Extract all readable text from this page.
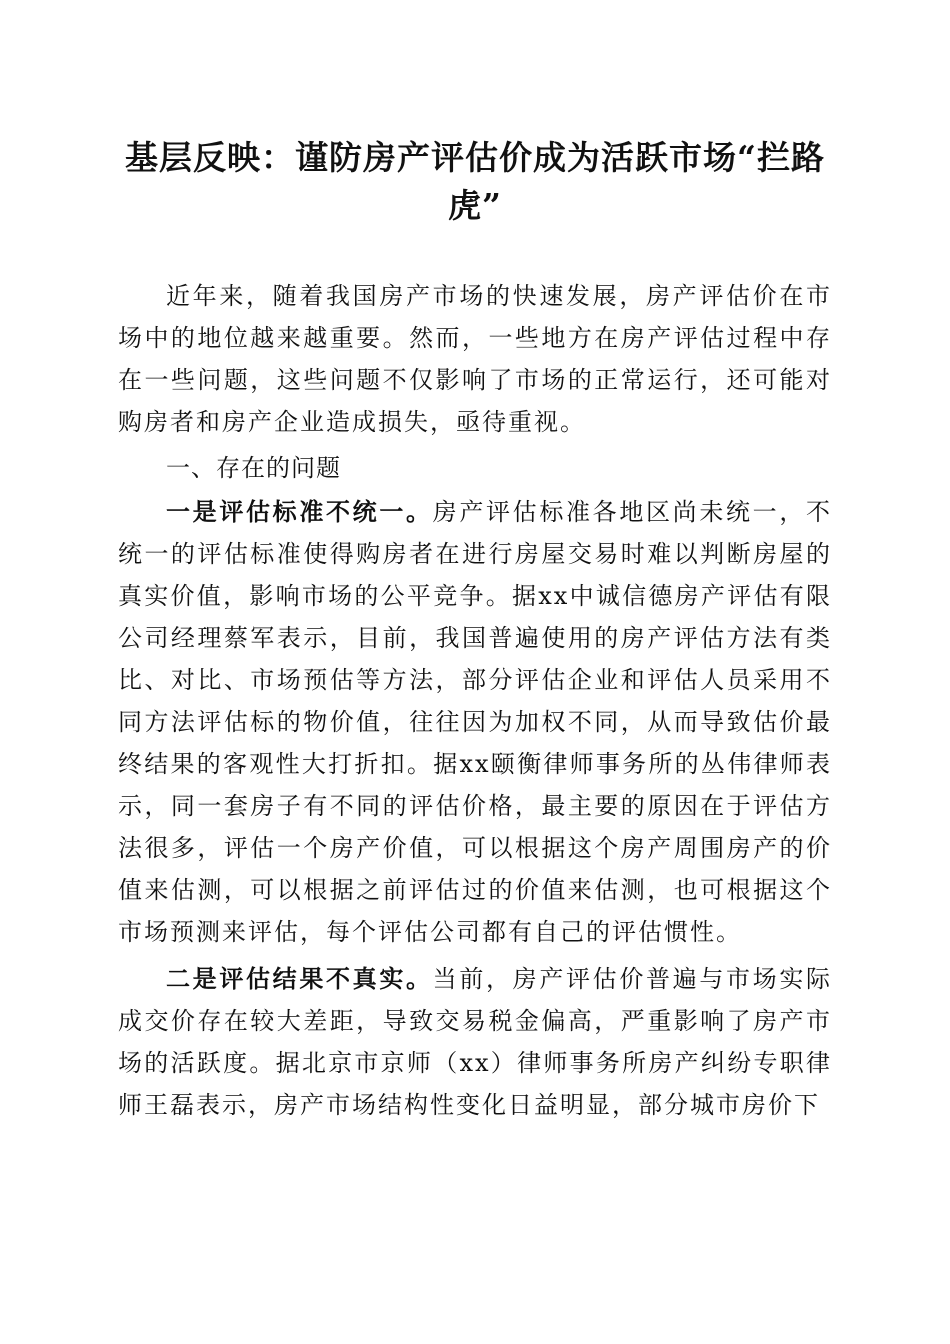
基层反映：谨防房产评估价成为活跃市场“拦路虎”

近年来，随着我国房产市场的快速发展，房产评估价在市场中的地位越来越重要。然而，一些地方在房产评估过程中存在一些问题，这些问题不仅影响了市场的正常运行，还可能对购房者和房产企业造成损失，亟待重视。

一、存在的问题

一是评估标准不统一。房产评估标准各地区尚未统一，不统一的评估标准使得购房者在进行房屋交易时难以判断房屋的真实价值，影响市场的公平竞争。据xx中诚信德房产评估有限公司经理蔡军表示，目前，我国普遍使用的房产评估方法有类比、对比、市场预估等方法，部分评估企业和评估人员采用不同方法评估标的物价值，往往因为加权不同，从而导致估价最终结果的客观性大打折扣。据xx颐衡律师事务所的丛伟律师表示，同一套房子有不同的评估价格，最主要的原因在于评估方法很多，评估一个房产价值，可以根据这个房产周围房产的价值来估测，可以根据之前评估过的价值来估测，也可根据这个市场预测来评估，每个评估公司都有自己的评估惯性。

二是评估结果不真实。当前，房产评估价普遍与市场实际成交价存在较大差距，导致交易税金偏高，严重影响了房产市场的活跃度。据北京市京师（xx）律师事务所房产纠纷专职律师王磊表示，房产市场结构性变化日益明显，部分城市房价下
